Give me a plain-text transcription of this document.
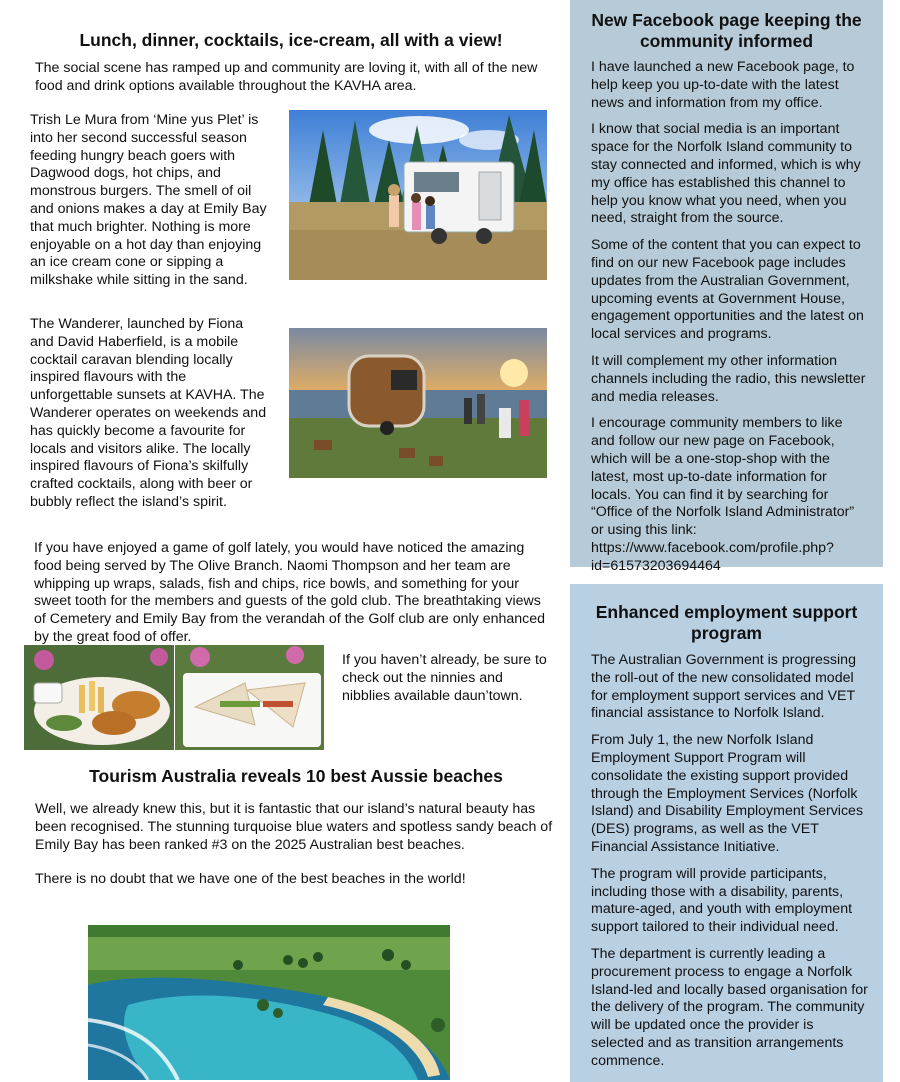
Lunch, dinner, cocktails, ice-cream, all with a view!

The social scene has ramped up and community are loving it, with all of the new food and drink options available throughout the KAVHA area.

Trish Le Mura from ‘Mine yus Plet’ is into her second successful season feeding hungry beach goers with Dagwood dogs, hot chips, and monstrous burgers. The smell of oil and onions makes a day at Emily Bay that much brighter. Nothing is more enjoyable on a hot day than enjoying an ice cream cone or sipping a milkshake while sitting in the sand.

The Wanderer, launched by Fiona and David Haberfield, is a mobile cocktail caravan blending locally inspired flavours with the unforgettable sunsets at KAVHA. The Wanderer operates on weekends and has quickly become a favourite for locals and visitors alike. The locally inspired flavours of Fiona’s skilfully crafted cocktails, along with beer or bubbly reflect the island’s spirit.

If you have enjoyed a game of golf lately, you would have noticed the amazing food being served by The Olive Branch. Naomi Thompson and her team are whipping up wraps, salads, fish and chips, rice bowls, and something for your sweet tooth for the members and guests of the gold club. The breathtaking views of Cemetery and Emily Bay from the verandah of the Golf club are only enhanced by the great food of offer.

If you haven’t already, be sure to check out the ninnies and nibblies available daun’town.

Tourism Australia reveals 10 best Aussie beaches

Well, we already knew this, but it is fantastic that our island’s natural beauty has been recognised. The stunning turquoise blue waters and spotless sandy beach of Emily Bay has been ranked #3 on the 2025 Australian best beaches.

There is no doubt that we have one of the best beaches in the world!

New Facebook page keeping the community informed

I have launched a new Facebook page, to help keep you up-to-date with the latest news and information from my office.

I know that social media is an important space for the Norfolk Island community to stay connected and informed, which is why my office has established this channel to help you know what you need, when you need, straight from the source.

Some of the content that you can expect to find on our new Facebook page includes updates from the Australian Government, upcoming events at Government House, engagement opportunities and the latest on local services and programs.

It will complement my other information channels including the radio, this newsletter and media releases.

I encourage community members to like and follow our new page on Facebook, which will be a one-stop-shop with the latest, most up-to-date information for locals. You can find it by searching for “Office of the Norfolk Island Administrator” or using this link: https://www.facebook.com/profile.php?id=61573203694464

Enhanced employment support program

The Australian Government is progressing the roll-out of the new consolidated model for employment support services and VET financial assistance to Norfolk Island.

From July 1, the new Norfolk Island Employment Support Program will consolidate the existing support provided through the Employment Services (Norfolk Island) and Disability Employment Services (DES) programs, as well as the VET Financial Assistance Initiative.

The program will provide participants, including those with a disability, parents, mature-aged, and youth with employment support tailored to their individual need.

The department is currently leading a procurement process to engage a Norfolk Island-led and locally based organisation for the delivery of the program. The community will be updated once the provider is selected and as transition arrangements commence.
